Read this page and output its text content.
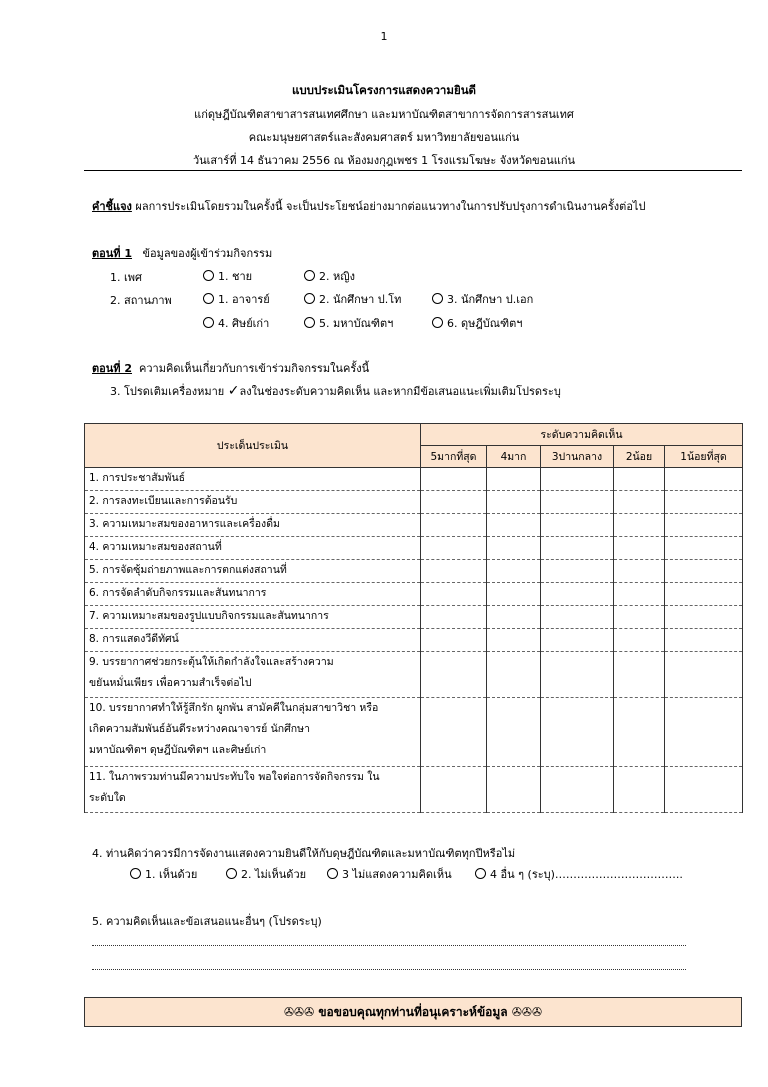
1
แบบประเมินโครงการแสดงความยินดี
แก่ดุษฎีบัณฑิตสาขาสารสนเทศศึกษา และมหาบัณฑิตสาขาการจัดการสารสนเทศ
คณะมนุษยศาสตร์และสังคมศาสตร์ มหาวิทยาลัยขอนแก่น
วันเสาร์ที่ 14 ธันวาคม 2556 ณ ห้องมงกุฎเพชร 1 โรงแรมโฆษะ จังหวัดขอนแก่น
คำชี้แจง ผลการประเมินโดยรวมในครั้งนี้ จะเป็นประโยชน์อย่างมากต่อแนวทางในการปรับปรุงการดำเนินงานครั้งต่อไป
ตอนที่ 1 ข้อมูลของผู้เข้าร่วมกิจกรรม
1. เพศ	1. ชาย	2. หญิง
2. สถานภาพ	1. อาจารย์	2. นักศึกษา ป.โท	3. นักศึกษา ป.เอก
4. ศิษย์เก่า	5. มหาบัณฑิตฯ	6. ดุษฎีบัณฑิตฯ
ตอนที่ 2 ความคิดเห็นเกี่ยวกับการเข้าร่วมกิจกรรมในครั้งนี้
3. โปรดเติมเครื่องหมาย ✓ลงในช่องระดับความคิดเห็น และหากมีข้อเสนอแนะเพิ่มเติมโปรดระบุ
ประเด็นประเมิน	ระดับความคิดเห็น				
	5มากที่สุด	4มาก	3ปานกลาง	2น้อย	1น้อยที่สุด
1. การประชาสัมพันธ์					
2. การลงทะเบียนและการต้อนรับ					
3. ความเหมาะสมของอาหารและเครื่องดื่ม					
4. ความเหมาะสมของสถานที่					
5. การจัดซุ้มถ่ายภาพและการตกแต่งสถานที่					
6. การจัดลำดับกิจกรรมและสันทนาการ					
7. ความเหมาะสมของรูปแบบกิจกรรมและสันทนาการ					
8. การแสดงวีดีทัศน์					
9. บรรยากาศช่วยกระตุ้นให้เกิดกำลังใจและสร้างความ
ขยันหมั่นเพียร เพื่อความสำเร็จต่อไป					
10. บรรยากาศทำให้รู้สึกรัก ผูกพัน สามัคคีในกลุ่มสาขาวิชา หรือ
เกิดความสัมพันธ์อันดีระหว่างคณาจารย์ นักศึกษา
มหาบัณฑิตฯ ดุษฎีบัณฑิตฯ และศิษย์เก่า					
11. ในภาพรวมท่านมีความประทับใจ พอใจต่อการจัดกิจกรรม ใน
ระดับใด					
4. ท่านคิดว่าควรมีการจัดงานแสดงความยินดีให้กับดุษฎีบัณฑิตและมหาบัณฑิตทุกปีหรือไม่
1. เห็นด้วย	2. ไม่เห็นด้วย	3 ไม่แสดงความคิดเห็น	4 อื่น ๆ (ระบุ)……………………………..
5. ความคิดเห็นและข้อเสนอแนะอื่นๆ (โปรดระบุ)
✇✇✇ ขอขอบคุณทุกท่านที่อนุเคราะห์ข้อมูล ✇✇✇
